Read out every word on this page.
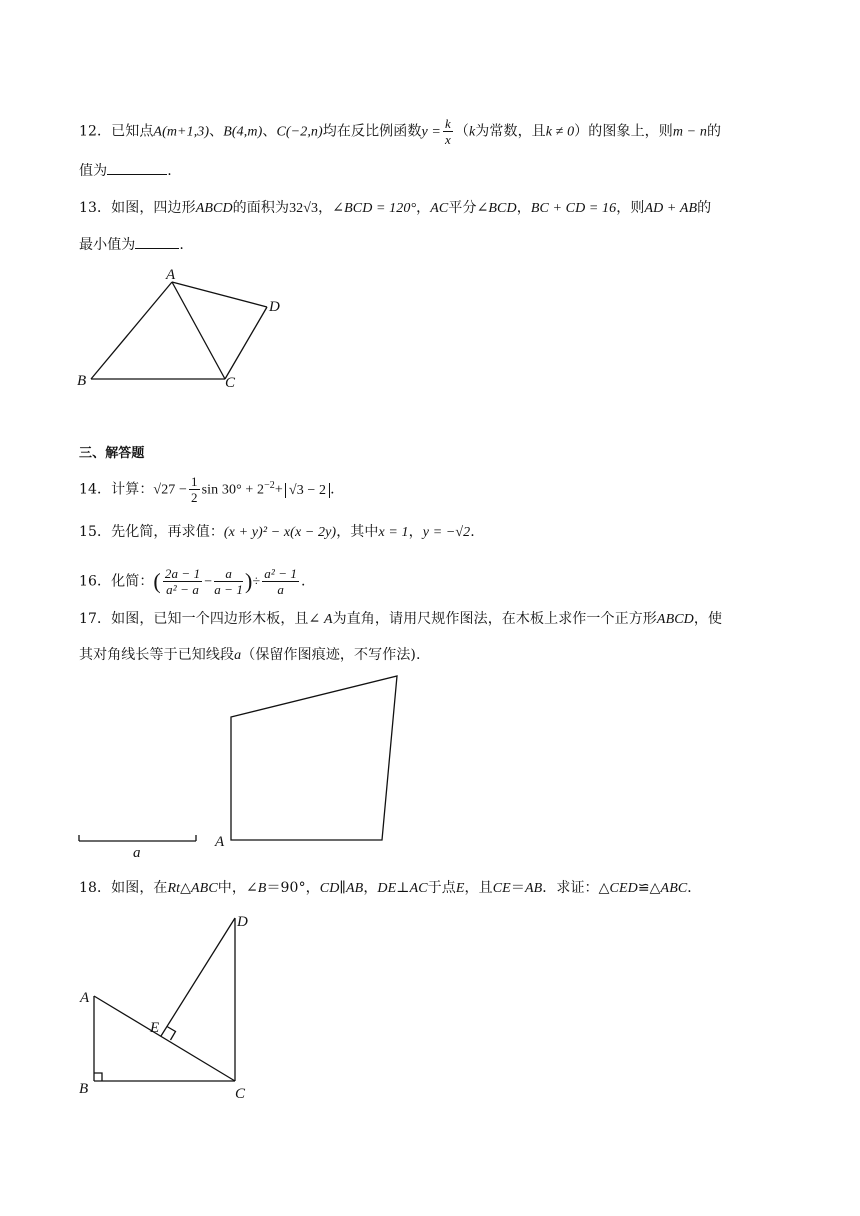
12．已知点A(m+1,3)、B(4,m)、C(−2,n)均在反比例函数$y = \frac{k}{x} (k$为常数，且k ≠ 0）的图象上，则m − n的
值为	.
13．如图，四边形ABCD的面积为32√3，∠BCD = 120°，AC平分∠BCD，BC + CD = 16，则AD + AB的
最小值为	.
A
B	C
D
三、解答题
14．计算：$√27 - \frac{1}{2}$ $\sin 30^\circ + 2^{-2}+ √3 - 2$ .
15．先化简，再求值：(x + y)² − x(x − 2y)，其中x = 1，y = −√2.
16．化简：( $\frac{2a - 1}{\text{a² − a}} - \frac{a}{a - 1}$ )÷ $\frac{\text{a² − 1}}{a}$ .
17．如图，已知一个四边形木板，且∠ A为直角，请用尺规作图法，在木板上求作一个正方形ABCD，使
其对角线长等于已知线段a（保留作图痕迹，不写作法).
a
A
18．如图，在Rt△ABC中，∠B＝90°，CD∥AB，DE⊥AC于点E，且CE＝AB．求证：△CED≌△ABC．
D
A
E
B	C
